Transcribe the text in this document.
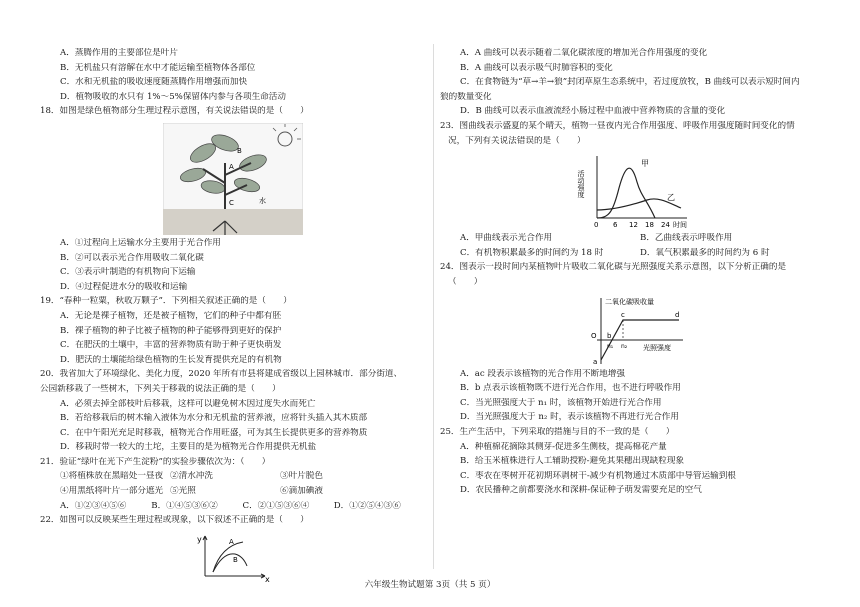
A．蒸腾作用的主要部位是叶片
B．无机盐只有溶解在水中才能运输至植物体各部位
C．水和无机盐的吸收速度随蒸腾作用增强而加快
D．植物吸收的水只有 1%～5%保留体内参与各项生命活动
18．如图是绿色植物部分生理过程示意图，有关说法错误的是（　　）
A
B
C	水
A．①过程向上运输水分主要用于光合作用
B．②可以表示光合作用吸收二氧化碳
C．③表示叶制造的有机物向下运输
D．④过程促进水分的吸收和运输
19．“春种一粒粟，秋收万颗子”．下列相关叙述正确的是（　　）
A．无论是裸子植物，还是被子植物，它们的种子中都有胚
B．裸子植物的种子比被子植物的种子能够得到更好的保护
C．在肥沃的土壤中，丰富的营养物质有助于种子更快萌发
D．肥沃的土壤能给绿色植物的生长发育提供充足的有机物
20．我省加大了环境绿化、美化力度，2020 年所有市县将建成省级以上园林城市．部分街道、
公园新移栽了一些树木，下列关于移栽的说法正确的是（　　）
A．必须去掉全部枝叶后移栽，这样可以避免树木因过度失水而死亡
B．若给移栽后的树木输入液体为水分和无机盐的营养液，应将针头插入其木质部
C．在中午阳光充足时移栽，植物光合作用旺盛，可为其生长提供更多的营养物质
D．移栽时带一较大的土坨，主要目的是为植物光合作用提供无机盐
21．验证“绿叶在光下产生淀粉”的实验步骤依次为：（　　）
①将植株放在黑暗处一昼夜 ②清水冲洗	③叶片脱色
④用黑纸将叶片一部分遮光 ⑤光照	⑥滴加碘液
A．①②③④⑤⑥	B．①④⑤③⑥②	C．②①⑤③⑥④	D．①②⑤④③⑥
22．如图可以反映某些生理过程或现象，以下叙述不正确的是（　　）
y
x
A
B
A．A 曲线可以表示随着二氧化碳浓度的增加光合作用强度的变化
B．A 曲线可以表示吸气时肺容积的变化
C．在食物链为“草→羊→狼”封闭草原生态系统中，若过度放牧，B 曲线可以表示短时间内
狼的数量变化
D．B 曲线可以表示血液流经小肠过程中血液中营养物质的含量的变化
23．图曲线表示盛夏的某个晴天，植物一昼夜内光合作用强度、呼吸作用强度随时间变化的情
况，下列有关说法错误的是（　　）
活动强度
甲
乙
0 6 12 18 24 时间
A．甲曲线表示光合作用	B．乙曲线表示呼吸作用
C．有机物积累最多的时间约为 18 时	D．氧气积累最多的时间约为 6 时
24．图表示一段时间内某植物叶片吸收二氧化碳与光照强度关系示意图，以下分析正确的是
（　　）
二氧化碳吸收量
光照强度
a
b
c	d
O
n₁ n₂
A．ac 段表示该植物的光合作用不断地增强
B．b 点表示该植物既不进行光合作用，也不进行呼吸作用
C．当光照强度大于 n₁ 时，该植物开始进行光合作用
D．当光照强度大于 n₂ 时，表示该植物不再进行光合作用
25．生产生活中，下列采取的措施与目的不一致的是（　　）
A．种植棉花摘除其侧芽-促进多生侧枝，提高棉花产量
B．给玉米植株进行人工辅助授粉-避免其果穗出现缺粒现象
C．枣农在枣树开花初期环剥树干-减少有机物通过木质部中导管运输到根
D．农民播种之前都要浇水和深耕-保证种子萌发需要充足的空气
六年级生物试题第 3页（共 5 页）
